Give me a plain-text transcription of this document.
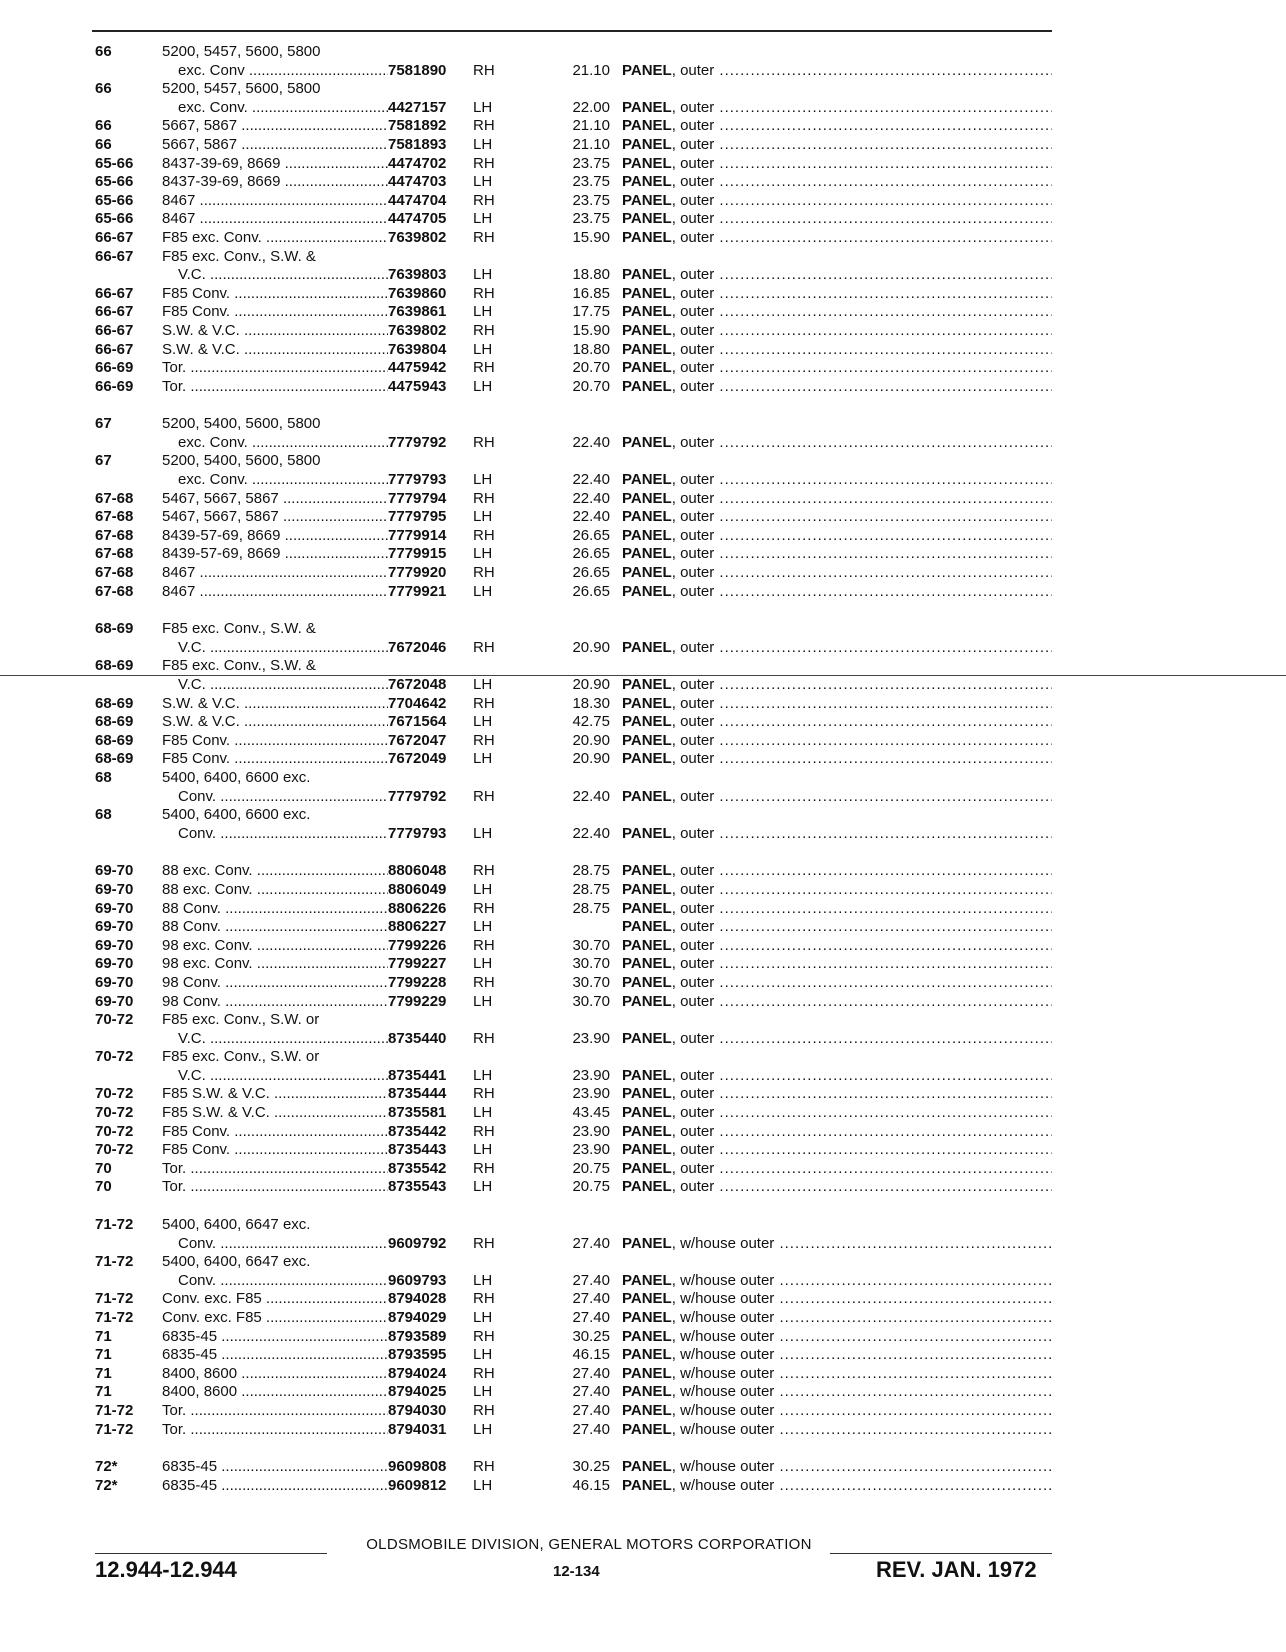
66	5200, 5457, 5600, 5800
exc. Conv .....	7581890 RH	21.10 PANEL, outer .....
66	5200, 5457, 5600, 5800
exc. Conv. .....	4427157 LH	22.00 PANEL, outer .....
66	5667, 5867 .....	7581892 RH	21.10 PANEL, outer .....
66	5667, 5867 .....	7581893 LH	21.10 PANEL, outer .....
65-66	8437-39-69, 8669 .....	4474702 RH	23.75 PANEL, outer .....
65-66	8437-39-69, 8669 .....	4474703 LH	23.75 PANEL, outer .....
65-66	8467 .....	4474704 RH	23.75 PANEL, outer .....
65-66	8467 .....	4474705 LH	23.75 PANEL, outer .....
66-67	F85 exc. Conv. .....	7639802 RH	15.90 PANEL, outer .....
66-67	F85 exc. Conv., S.W. &
V.C. .....	7639803 LH	18.80 PANEL, outer .....
66-67	F85 Conv. .....	7639860 RH	16.85 PANEL, outer .....
66-67	F85 Conv. .....	7639861 LH	17.75 PANEL, outer .....
66-67	S.W. & V.C. .....	7639802 RH	15.90 PANEL, outer .....
66-67	S.W. & V.C. .....	7639804 LH	18.80 PANEL, outer .....
66-69	Tor. .....	4475942 RH	20.70 PANEL, outer .....
66-69	Tor. .....	4475943 LH	20.70 PANEL, outer .....
67	5200, 5400, 5600, 5800
exc. Conv. .....	7779792 RH	22.40 PANEL, outer .....
67	5200, 5400, 5600, 5800
exc. Conv. .....	7779793 LH	22.40 PANEL, outer .....
67-68	5467, 5667, 5867 .....	7779794 RH	22.40 PANEL, outer .....
67-68	5467, 5667, 5867 .....	7779795 LH	22.40 PANEL, outer .....
67-68	8439-57-69, 8669 .....	7779914 RH	26.65 PANEL, outer .....
67-68	8439-57-69, 8669 .....	7779915 LH	26.65 PANEL, outer .....
67-68	8467 .....	7779920 RH	26.65 PANEL, outer .....
67-68	8467 .....	7779921 LH	26.65 PANEL, outer .....
68-69	F85 exc. Conv., S.W. &
V.C. .....	7672046 RH	20.90 PANEL, outer .....
68-69	F85 exc. Conv., S.W. &
V.C. .....	7672048 LH	20.90 PANEL, outer .....
68-69	S.W. & V.C. .....	7704642 RH	18.30 PANEL, outer .....
68-69	S.W. & V.C. .....	7671564 LH	42.75 PANEL, outer .....
68-69	F85 Conv. .....	7672047 RH	20.90 PANEL, outer .....
68-69	F85 Conv. .....	7672049 LH	20.90 PANEL, outer .....
68	5400, 6400, 6600 exc.
Conv. .....	7779792 RH	22.40 PANEL, outer .....
68	5400, 6400, 6600 exc.
Conv. .....	7779793 LH	22.40 PANEL, outer .....
69-70	88 exc. Conv. .....	8806048 RH	28.75 PANEL, outer .....
69-70	88 exc. Conv. .....	8806049 LH	28.75 PANEL, outer .....
69-70	88 Conv. .....	8806226 RH	28.75 PANEL, outer .....
69-70	88 Conv. .....	8806227 LH	PANEL, outer .....
69-70	98 exc. Conv. .....	7799226 RH	30.70 PANEL, outer .....
69-70	98 exc. Conv. .....	7799227 LH	30.70 PANEL, outer .....
69-70	98 Conv. .....	7799228 RH	30.70 PANEL, outer .....
69-70	98 Conv. .....	7799229 LH	30.70 PANEL, outer .....
70-72	F85 exc. Conv., S.W. or
V.C. .....	8735440 RH	23.90 PANEL, outer .....
70-72	F85 exc. Conv., S.W. or
V.C. .....	8735441 LH	23.90 PANEL, outer .....
70-72	F85 S.W. & V.C. .....	8735444 RH	23.90 PANEL, outer .....
70-72	F85 S.W. & V.C. .....	8735581 LH	43.45 PANEL, outer .....
70-72	F85 Conv. .....	8735442 RH	23.90 PANEL, outer .....
70-72	F85 Conv. .....	8735443 LH	23.90 PANEL, outer .....
70	Tor. .....	8735542 RH	20.75 PANEL, outer .....
70	Tor. .....	8735543 LH	20.75 PANEL, outer .....
71-72	5400, 6400, 6647 exc.
Conv. .....	9609792 RH	27.40 PANEL, w/house outer .....
71-72	5400, 6400, 6647 exc.
Conv. .....	9609793 LH	27.40 PANEL, w/house outer .....
71-72	Conv. exc. F85 .....	8794028 RH	27.40 PANEL, w/house outer .....
71-72	Conv. exc. F85 .....	8794029 LH	27.40 PANEL, w/house outer .....
71	6835-45 .....	8793589 RH	30.25 PANEL, w/house outer .....
71	6835-45 .....	8793595 LH	46.15 PANEL, w/house outer .....
71	8400, 8600 .....	8794024 RH	27.40 PANEL, w/house outer .....
71	8400, 8600 .....	8794025 LH	27.40 PANEL, w/house outer .....
71-72	Tor. .....	8794030 RH	27.40 PANEL, w/house outer .....
71-72	Tor. .....	8794031 LH	27.40 PANEL, w/house outer .....
72*	6835-45 .....	9609808 RH	30.25 PANEL, w/house outer .....
72*	6835-45 .....	9609812 LH	46.15 PANEL, w/house outer .....
OLDSMOBILE DIVISION, GENERAL MOTORS CORPORATION
12.944-12.944	12-134	REV. JAN. 1972
